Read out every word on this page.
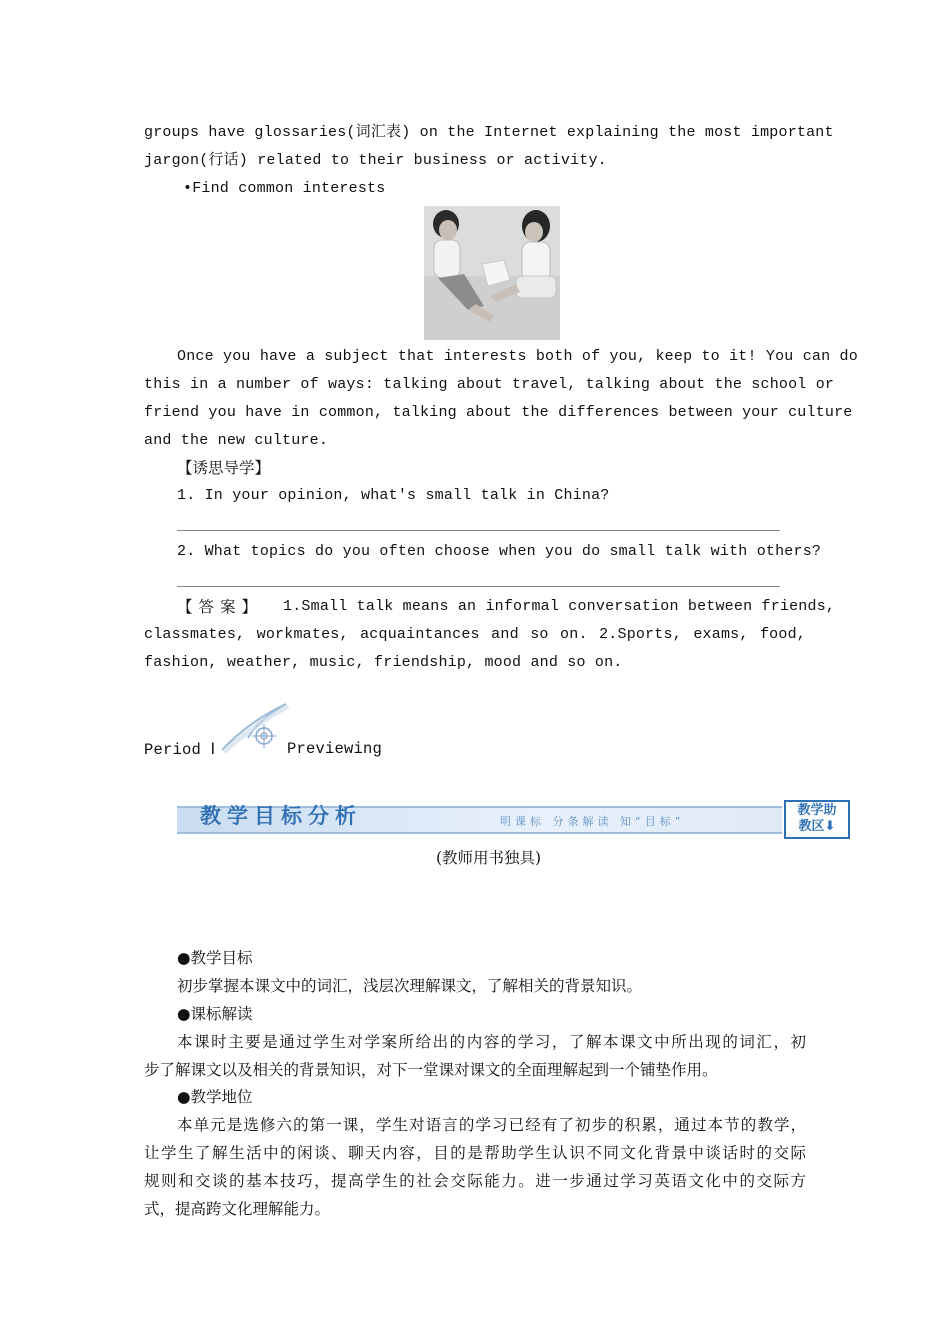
groups have glossaries(词汇表) on the Internet explaining the most important
jargon(行话) related to their business or activity.
•Find common interests
Once you have a subject that interests both of you, keep to it! You can do
this in a number of ways: talking about travel, talking about the school or
friend you have in common, talking about the differences between your culture
and the new culture.
【诱思导学】
1. In your opinion, what's small talk in China?
2. What topics do you often choose when you do small talk with others?
【答案】 1.Small talk means an informal conversation between friends,
classmates, workmates, acquaintances and so on. 2.Sports, exams, food,
fashion, weather, music, friendship, mood and so on.
Period Ⅰ	Previewing
教学目标分析	明课标 分条解读 知“目标”
教学助
教区⬇
(教师用书独具)
●教学目标
初步掌握本课文中的词汇，浅层次理解课文，了解相关的背景知识。
●课标解读
本课时主要是通过学生对学案所给出的内容的学习，了解本课文中所出现的词汇，初
步了解课文以及相关的背景知识，对下一堂课对课文的全面理解起到一个铺垫作用。
●教学地位
本单元是选修六的第一课，学生对语言的学习已经有了初步的积累，通过本节的教学，
让学生了解生活中的闲谈、聊天内容，目的是帮助学生认识不同文化背景中谈话时的交际
规则和交谈的基本技巧，提高学生的社会交际能力。进一步通过学习英语文化中的交际方
式，提高跨文化理解能力。
